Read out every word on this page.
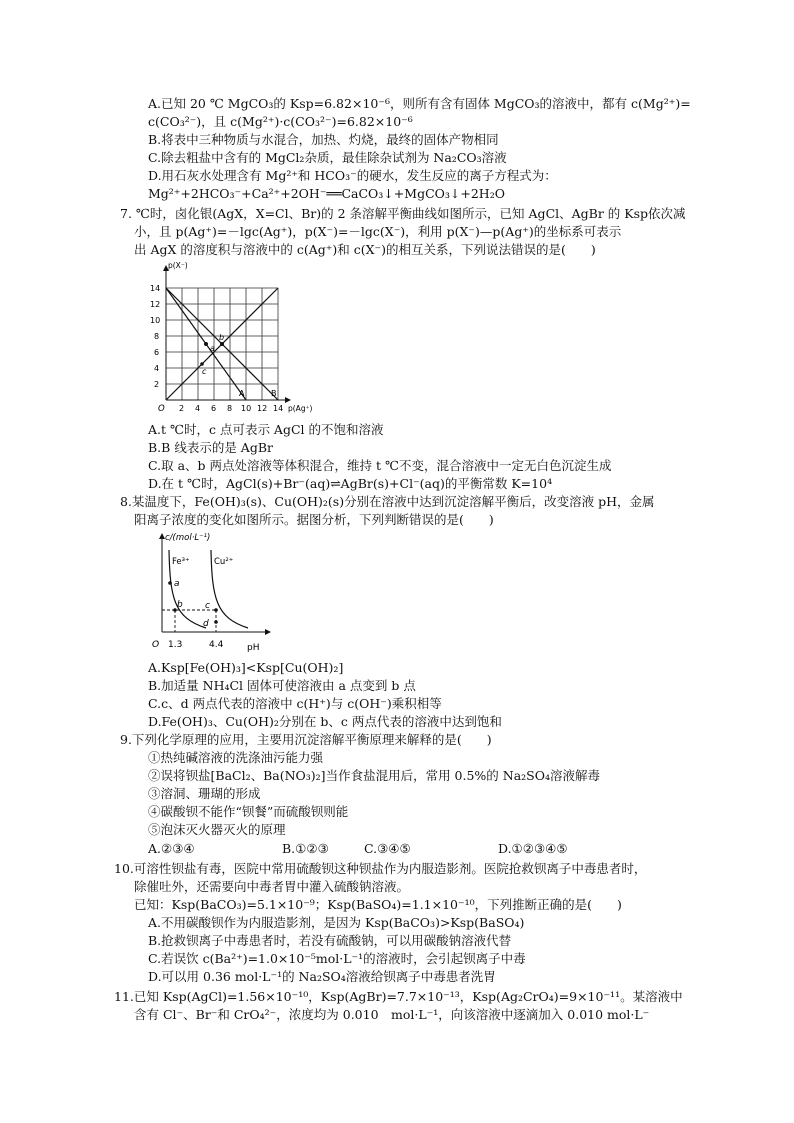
A.已知 20 ℃ MgCO₃的 Ksp=6.82×10⁻⁶，则所有含有固体 MgCO₃的溶液中，都有 c(Mg²⁺)=
c(CO₃²⁻)，且 c(Mg²⁺)·c(CO₃²⁻)=6.82×10⁻⁶
B.将表中三种物质与水混合，加热、灼烧，最终的固体产物相同
C.除去粗盐中含有的 MgCl₂杂质，最佳除杂试剂为 Na₂CO₃溶液
D.用石灰水处理含有 Mg²⁺和 HCO₃⁻的硬水，发生反应的离子方程式为：
Mg²⁺+2HCO₃⁻+Ca²⁺+2OH⁻══CaCO₃↓+MgCO₃↓+2H₂O
7. ℃时，卤化银(AgX，X=Cl、Br)的 2 条溶解平衡曲线如图所示，已知 AgCl、AgBr 的 Ksp依次减
小，且 p(Ag⁺)=－lgc(Ag⁺)，p(X⁻)=－lgc(X⁻)，利用 p(X⁻)—p(Ag⁺)的坐标系可表示
出 AgX 的溶度积与溶液中的 c(Ag⁺)和 c(X⁻)的相互关系，下列说法错误的是(　　)
a
b
c
A	B
2
4
6
8
10
12
14
p(X⁻)
O 2 4 6 8 10 12 14 p(Ag⁺)
A.t ℃时，c 点可表示 AgCl 的不饱和溶液
B.B 线表示的是 AgBr
C.取 a、b 两点处溶液等体积混合，维持 t ℃不变，混合溶液中一定无白色沉淀生成
D.在 t ℃时，AgCl(s)+Br⁻(aq)⇌AgBr(s)+Cl⁻(aq)的平衡常数 K=10⁴
8.某温度下，Fe(OH)₃(s)、Cu(OH)₂(s)分别在溶液中达到沉淀溶解平衡后，改变溶液 pH，金属
阳离子浓度的变化如图所示。据图分析，下列判断错误的是(　　)
a
b c
d
Fe³⁺	Cu²⁺
c/(mol·L⁻¹)
O 1.3	4.4	pH
A.Ksp[Fe(OH)₃]<Ksp[Cu(OH)₂]
B.加适量 NH₄Cl 固体可使溶液由 a 点变到 b 点
C.c、d 两点代表的溶液中 c(H⁺)与 c(OH⁻)乘积相等
D.Fe(OH)₃、Cu(OH)₂分别在 b、c 两点代表的溶液中达到饱和
9.下列化学原理的应用，主要用沉淀溶解平衡原理来解释的是(　　)
①热纯碱溶液的洗涤油污能力强
②误将钡盐[BaCl₂、Ba(NO₃)₂]当作食盐混用后，常用 0.5%的 Na₂SO₄溶液解毒
③溶洞、珊瑚的形成
④碳酸钡不能作“钡餐”而硫酸钡则能
⑤泡沫灭火器灭火的原理
A.②③④	B.①②③	C.③④⑤	D.①②③④⑤
10.可溶性钡盐有毒，医院中常用硫酸钡这种钡盐作为内服造影剂。医院抢救钡离子中毒患者时，
除催吐外，还需要向中毒者胃中灌入硫酸钠溶液。
已知：Ksp(BaCO₃)=5.1×10⁻⁹；Ksp(BaSO₄)=1.1×10⁻¹⁰，下列推断正确的是(　　)
A.不用碳酸钡作为内服造影剂，是因为 Ksp(BaCO₃)>Ksp(BaSO₄)
B.抢救钡离子中毒患者时，若没有硫酸钠，可以用碳酸钠溶液代替
C.若误饮 c(Ba²⁺)=1.0×10⁻⁵mol·L⁻¹的溶液时，会引起钡离子中毒
D.可以用 0.36 mol·L⁻¹的 Na₂SO₄溶液给钡离子中毒患者洗胃
11.已知 Ksp(AgCl)=1.56×10⁻¹⁰，Ksp(AgBr)=7.7×10⁻¹³，Ksp(Ag₂CrO₄)=9×10⁻¹¹。某溶液中
含有 Cl⁻、Br⁻和 CrO₄²⁻，浓度均为 0.010　mol·L⁻¹，向该溶液中逐滴加入 0.010 mol·L⁻
